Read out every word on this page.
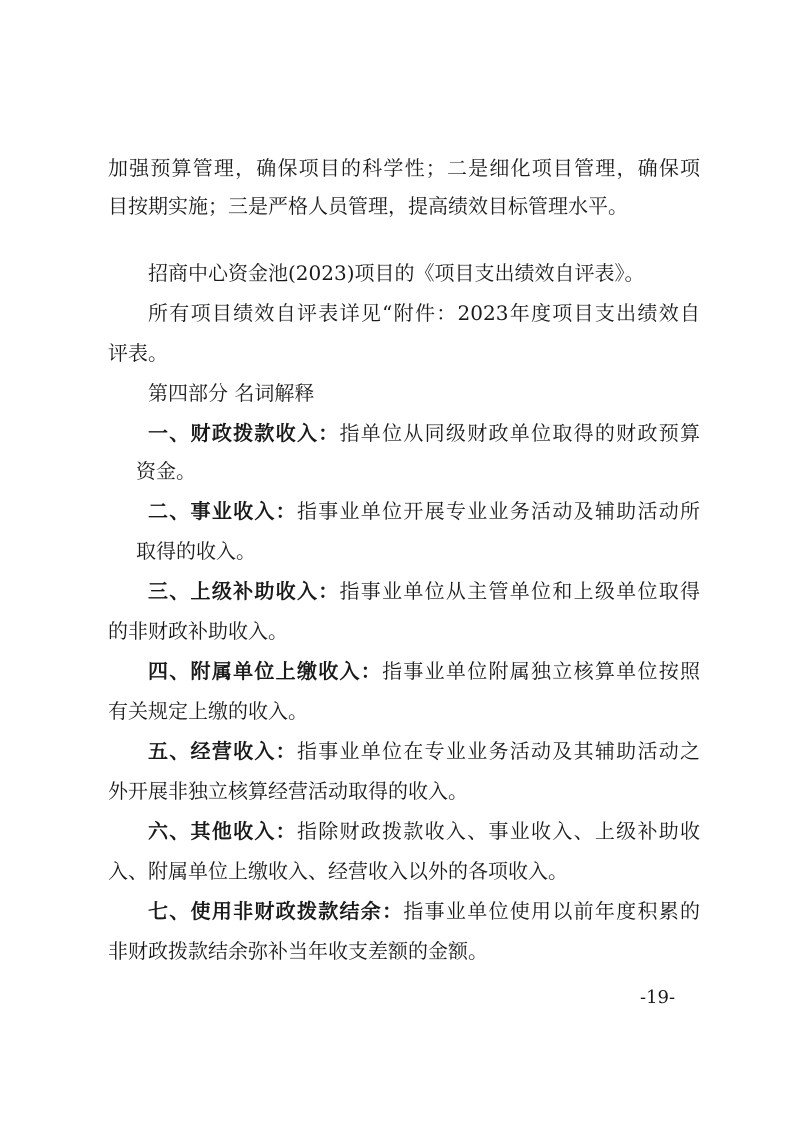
加强预算管理，确保项目的科学性；二是细化项目管理，确保项
目按期实施；三是严格人员管理，提高绩效目标管理水平。
招商中心资金池(2023)项目的《项目支出绩效自评表》。
所有项目绩效自评表详见“附件：2023年度项目支出绩效自
评表。
第四部分 名词解释
一、财政拨款收入：指单位从同级财政单位取得的财政预算
资金。
二、事业收入：指事业单位开展专业业务活动及辅助活动所
取得的收入。
三、上级补助收入：指事业单位从主管单位和上级单位取得
的非财政补助收入。
四、附属单位上缴收入：指事业单位附属独立核算单位按照
有关规定上缴的收入。
五、经营收入：指事业单位在专业业务活动及其辅助活动之
外开展非独立核算经营活动取得的收入。
六、其他收入：指除财政拨款收入、事业收入、上级补助收
入、附属单位上缴收入、经营收入以外的各项收入。
七、使用非财政拨款结余：指事业单位使用以前年度积累的
非财政拨款结余弥补当年收支差额的金额。
-19-
